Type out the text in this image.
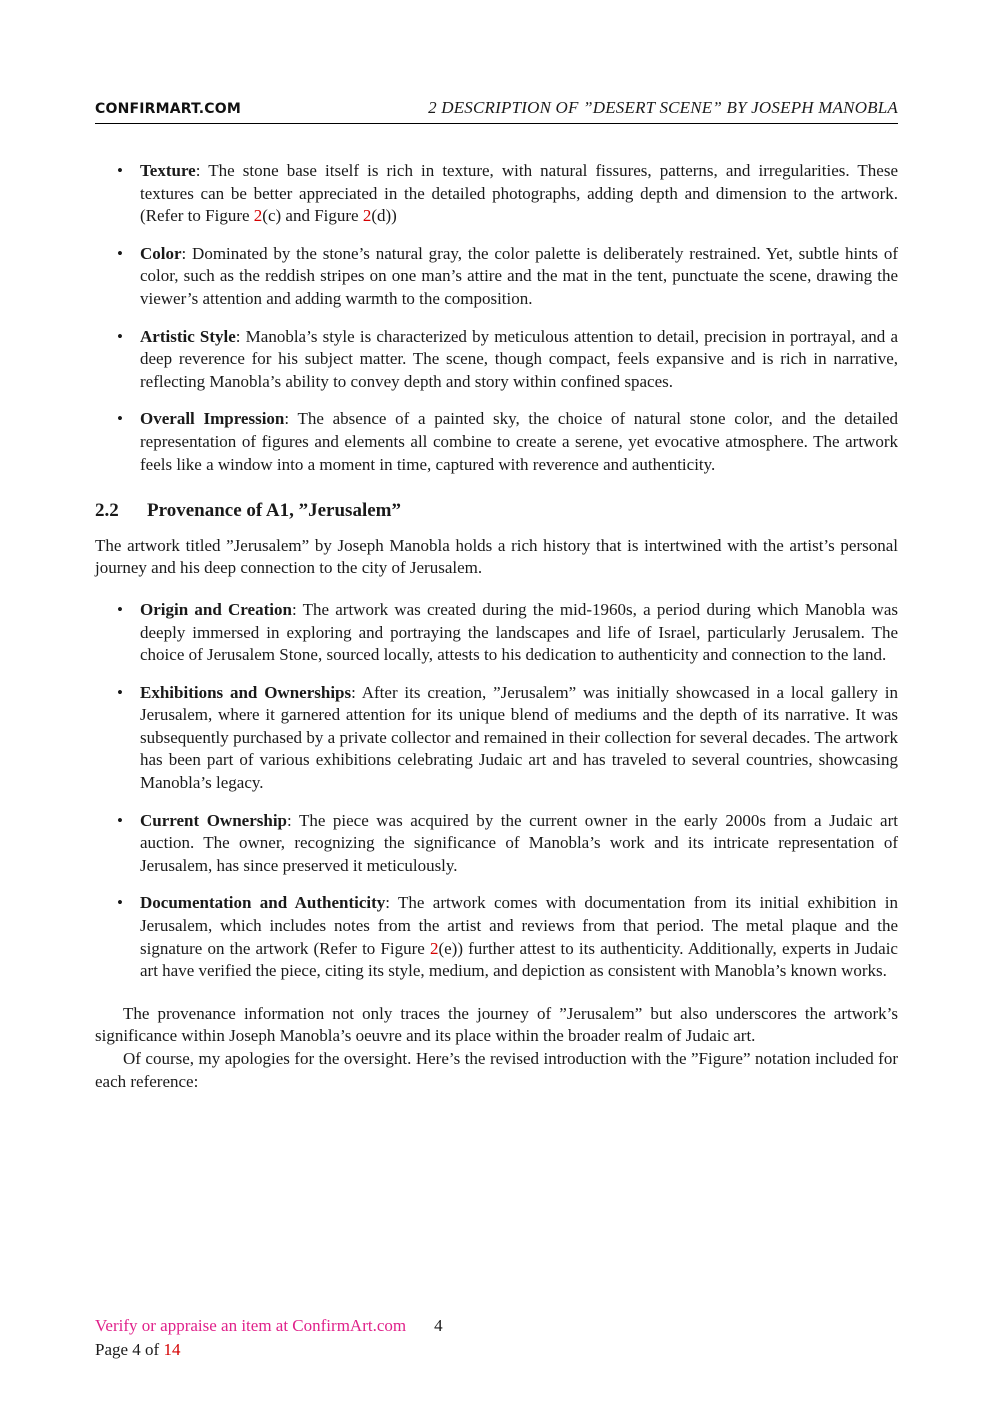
CONFIRMART.COM	2 DESCRIPTION OF ”DESERT SCENE” BY JOSEPH MANOBLA
• Texture: The stone base itself is rich in texture, with natural fissures, patterns, and irregularities. These textures can be better appreciated in the detailed photographs, adding depth and dimension to the artwork. (Refer to Figure 2(c) and Figure 2(d))
• Color: Dominated by the stone’s natural gray, the color palette is deliberately restrained. Yet, subtle hints of color, such as the reddish stripes on one man’s attire and the mat in the tent, punctuate the scene, drawing the viewer’s attention and adding warmth to the composition.
• Artistic Style: Manobla’s style is characterized by meticulous attention to detail, precision in portrayal, and a deep reverence for his subject matter. The scene, though compact, feels expansive and is rich in narrative, reflecting Manobla’s ability to convey depth and story within confined spaces.
• Overall Impression: The absence of a painted sky, the choice of natural stone color, and the detailed representation of figures and elements all combine to create a serene, yet evocative atmosphere. The artwork feels like a window into a moment in time, captured with reverence and authenticity.
2.2 Provenance of A1, ”Jerusalem”

The artwork titled ”Jerusalem” by Joseph Manobla holds a rich history that is intertwined with the artist’s personal journey and his deep connection to the city of Jerusalem.

• Origin and Creation: The artwork was created during the mid-1960s, a period during which Manobla was deeply immersed in exploring and portraying the landscapes and life of Israel, particularly Jerusalem. The choice of Jerusalem Stone, sourced locally, attests to his dedication to authenticity and connection to the land.
• Exhibitions and Ownerships: After its creation, ”Jerusalem” was initially showcased in a local gallery in Jerusalem, where it garnered attention for its unique blend of mediums and the depth of its narrative. It was subsequently purchased by a private collector and remained in their collection for several decades. The artwork has been part of various exhibitions celebrating Judaic art and has traveled to several countries, showcasing Manobla’s legacy.
• Current Ownership: The piece was acquired by the current owner in the early 2000s from a Judaic art auction. The owner, recognizing the significance of Manobla’s work and its intricate representation of Jerusalem, has since preserved it meticulously.
• Documentation and Authenticity: The artwork comes with documentation from its initial exhibition in Jerusalem, which includes notes from the artist and reviews from that period. The metal plaque and the signature on the artwork (Refer to Figure 2(e)) further attest to its authenticity. Additionally, experts in Judaic art have verified the piece, citing its style, medium, and depiction as consistent with Manobla’s known works.

The provenance information not only traces the journey of ”Jerusalem” but also underscores the artwork’s significance within Joseph Manobla’s oeuvre and its place within the broader realm of Judaic art.

Of course, my apologies for the oversight. Here’s the revised introduction with the ”Figure” notation included for each reference:

Verify or appraise an item at ConfirmArt.com 4
Page 4 of 14
